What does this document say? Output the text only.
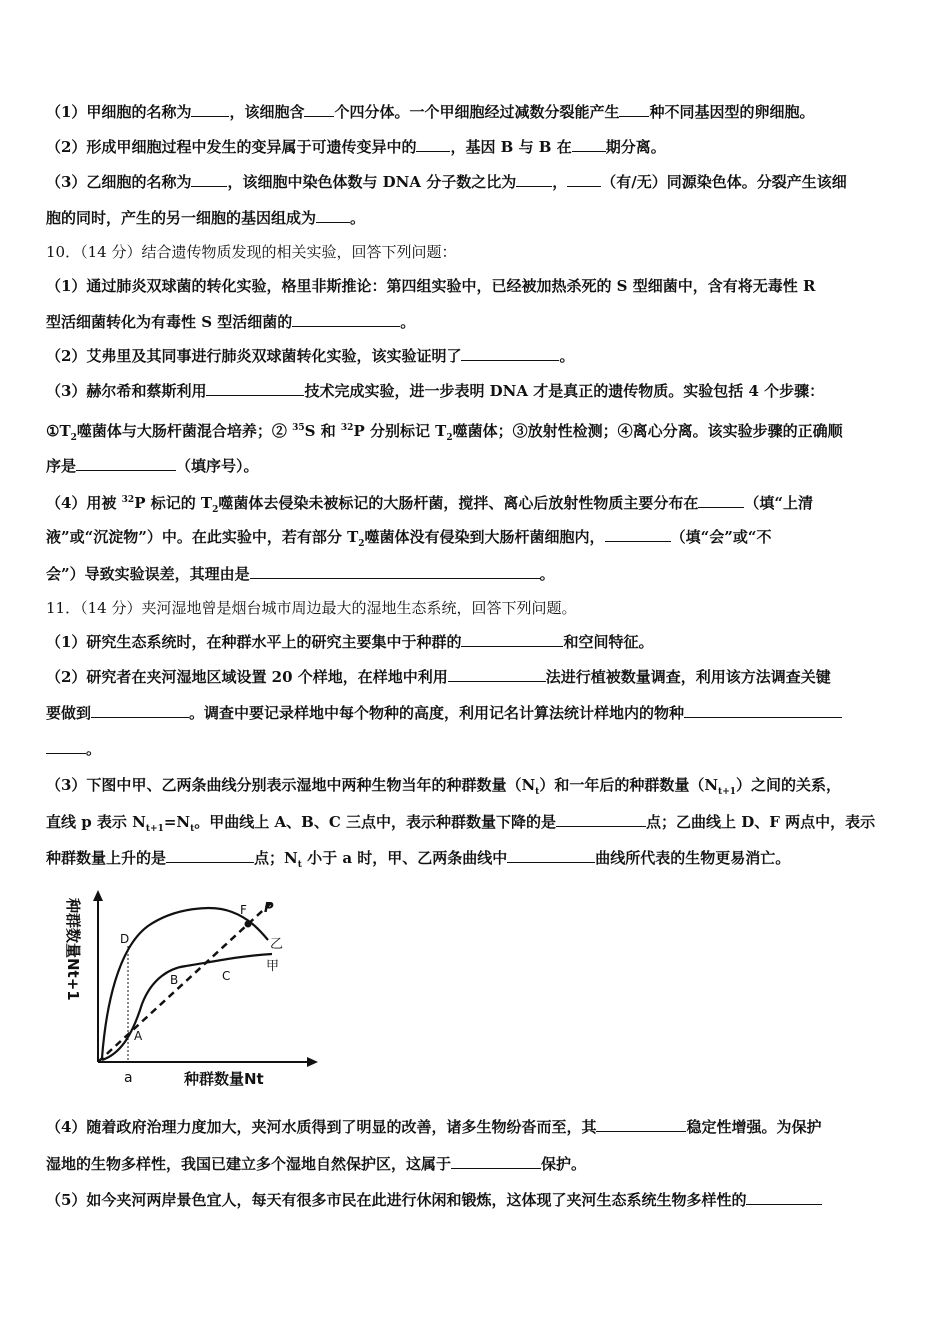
（1）甲细胞的名称为	，该细胞含 个四分体。一个甲细胞经过减数分裂能产生 种不同基因型的卵细胞。
（2）形成甲细胞过程中发生的变异属于可遗传变异中的 ，基因 B 与 B 在 期分离。
（3）乙细胞的名称为 ，该细胞中染色体数与 DNA 分子数之比为 ， （有/无）同源染色体。分裂产生该细
胞的同时，产生的另一细胞的基因组成为 。
10．（14 分）结合遗传物质发现的相关实验，回答下列问题：
（1）通过肺炎双球菌的转化实验，格里非斯推论：第四组实验中，已经被加热杀死的 S 型细菌中，含有将无毒性 R
型活细菌转化为有毒性 S 型活细菌的	。
（2）艾弗里及其同事进行肺炎双球菌转化实验，该实验证明了	。
（3）赫尔希和蔡斯利用	技术完成实验，进一步表明 DNA 才是真正的遗传物质。实验包括 4 个步骤：
$①T_2$噬菌体与大肠杆菌混合培养；② $^{35}$S 和 $^{32}$P 分别标记 $T_2$噬菌体；③放射性检测；④离心分离。该实验步骤的正确顺
序是	（填序号）。
（4）用被 $^{32}$P 标记的 $T_2$噬菌体去侵染未被标记的大肠杆菌，搅拌、离心后放射性物质主要分布在	（填“上清
液”或“沉淀物”）中。在此实验中，若有部分 $T_2$噬菌体没有侵染到大肠杆菌细胞内，	（填“会”或“不
会”）导致实验误差，其理由是	。
11．（14 分）夹河湿地曾是烟台城市周边最大的湿地生态系统，回答下列问题。
（1）研究生态系统时，在种群水平上的研究主要集中于种群的	和空间特征。
（2）研究者在夹河湿地区域设置 20 个样地，在样地中利用	法进行植被数量调查，利用该方法调查关键
要做到	。调查中要记录样地中每个物种的高度，利用记名计算法统计样地内的物种
。
（3）下图中甲、乙两条曲线分别表示湿地中两种生物当年的种群数量$(N_t)$和一年后的种群数量$(N_{t+1})$之间的关系，
直线 p 表示 $N_{t+1}=N_t$。甲曲线上 A、B、C 三点中，表示种群数量下降的是	点；乙曲线上 D、F 两点中，表示
种群数量上升的是	点；$N_t$ 小于 a 时，甲、乙两条曲线中	曲线所代表的生物更易消亡。
D
F
B	C
A
P
乙
甲
a	种群数量Nt
种群数量Nt+1
（4）随着政府治理力度加大，夹河水质得到了明显的改善，诸多生物纷沓而至，其	稳定性增强。为保护
湿地的生物多样性，我国已建立多个湿地自然保护区，这属于	保护。
（5）如今夹河两岸景色宜人，每天有很多市民在此进行休闲和锻炼，这体现了夹河生态系统生物多样性的
